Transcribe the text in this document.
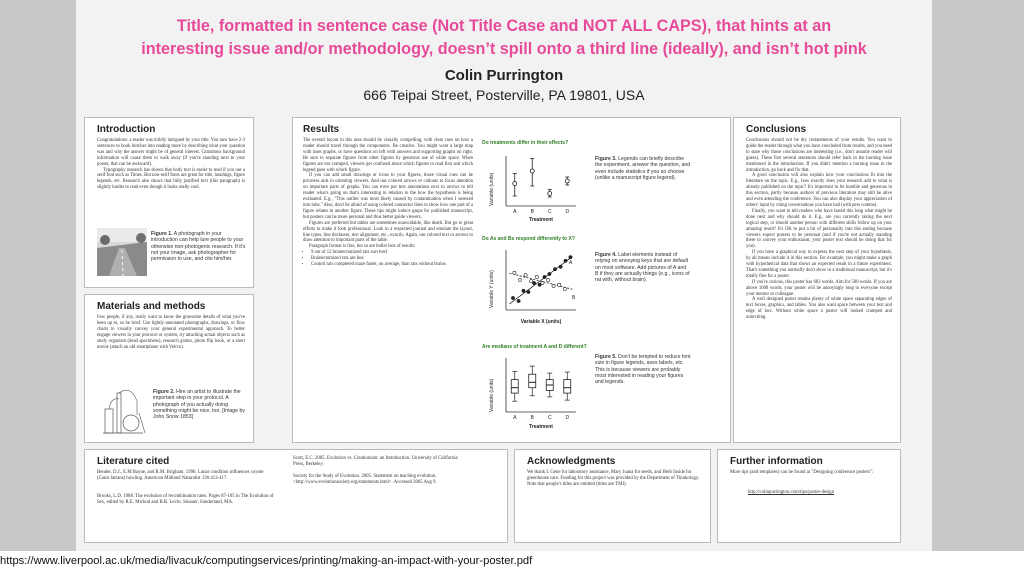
Title, formatted in sentence case (Not Title Case and NOT ALL CAPS), that hints at an
interesting issue and/or methodology, doesn’t spill onto a third line (ideally), and isn’t hot pink
Colin Purrington
666 Teipai Street, Posterville, PA 19801, USA
Introduction
Congratulations: a reader was mildly intrigued by your title. You now have 2-3 sentences to hook him/her into reading more by describing what your question was and why the answer might be of general interest. Gratuitous background information will cause them to walk away (if you're standing next to your poster, that can be awkward).
Typography research has shown that body text is easier to read if you use a serif font such as Times. But non-serif fonts are great for title, headings, figure legends, etc. Research also shows that fully justified text (this paragraph) is slightly harder to read even though it looks really cool.
Figure 1. A photograph in your introduction can help lure people to your otherwise non-photogenic research. If it's not your image, ask photographer for permission to use, and cite him/her.
Materials and methods
Few people, if any, really want to know the gruesome details of what you've been up to, so be brief. Use lightly-annotated photographs, drawings, or flow charts to visually convey your general experimental approach. To better engage viewers in your protocol or system, try attaching actual objects such as study organism (dead specimens), research gizmo, photo flip book, or a short movie (attach an old smartphone with Velcro).
Figure 2. Hire an artist to illustrate the important step in your protocol. A photograph of you actually doing something might be nice, too. [Image by John Snow 1853]
Results
The overall layout in this area should be visually compelling, with clear cues on how a reader should travel through the components. Be creative. You might want a large map with inset graphs, or have questions on left with answers and supporting graphs on right. Be sure to separate figures from other figures by generous use of white space. When figures are too cramped, viewers get confused about which figures to read first and which legend goes with which figure.
If you can add small drawings or icons to your figures, those visual cues can be priceless aids in orienting viewers. And use colored arrows or callouts to focus attention on important parts of graphs. You can even put text annotations next to arrows to tell reader what's going on that's interesting in relation to the how the hypothesis is being evaluated. E.g., "This outlier was most likely caused by contamination when I sneezed into tube." Also, don't be afraid of using colored connector lines to show how one part of a figure relates to another figure. These tips might induce gasps for published manuscript, but posters can be more personal and thus better guide viewers.
Figures are preferred but tables are sometimes unavoidable, like death. But go to great efforts to make it look professional. Look in a respected journal and emulate the layout, line types, line thickness, text alignment, etc., exactly. Again, use colored text or arrows to draw attention to important parts of the table.
Paragraph format is fine, but so are bullet lists of results:
• 9 out of 12 brainectomized rats survived
• Brainectomized rats are less
• Control rats completed maze faster, on average, than rats without brains
Do treatments differ in their effects?
Variable (units)
Treatment
A	B	C	D
Figure 3. Legends can briefly describe the experiment, answer the question, and even include statistics if you so choose (unlike a manuscript figure legend).
Do As and Bs respond differently to X?
Variable Y (units)
Variable X (units)
A
B
Figure 4. Label elements instead of relying on annoying keys that are default on most software. Add pictures of A and B if they are actually things (e.g., icons of rat with, without brain).
Are medians of treatment A and D different?
Variable (units)
Treatment
A	B	C	D
Figure 5. Don't be tempted to reduce font size in figure legends, axes labels, etc. This is because viewers are probably most interested in reading your figures and legends.
Conclusions
Conclusions should not be dry restatements of your results. You want to guide the reader through what you have concluded from results, and you need to state why those conclusions are interesting (i.e., don't assume reader will guess). These first several sentences should refer back to the burning issue mentioned in the introduction. If you didn't mention a burning issue in the introduction, go back and fix that.
A good conclusion will also explain how your conclusions fit into the literature on the topic. E.g., how exactly does your research add to what is already published on the topic? It's important to be humble and generous in this section, partly because authors of previous literature may still be alive and even attending the conference. You can also display your appreciation of others' input by citing conversations you have had (with pers comms).
Finally, you want to tell readers who have lasted this long what might be done next and why should do it. E.g., are you currently taking the next logical step, or should another person with different skills follow up on your amazing result? It's OK to put a bit of personality into this ending because viewers expect posters to be personal (and if you're not actually standing there to convey your enthusiasm, your poster text should be doing that for you).
If you have a graphical way to express the next step of your hypothesis, by all means include it in this section. For example, you might make a graph with hypothetical data that shows an expected result in a future experiment. That's something you normally don't show in a traditional manuscript, but it's totally fine for a poster.
If you're curious, this poster has 683 words. Aim for 500 words. If you are above 1000 words, your poster will be annoyingly long to everyone except your mentor or colleague.
A well designed poster retains plenty of white space separating edges of text boxes, graphics, and tables. You also want space between your text and edge of box. Without white space a poster will looked cramped and uninviting.
Literature cited
Bender, D.J., E.M Bayne, and R.M. Brigham. 1996. Lunar condition influences coyote (Canis latrans) howling. American Midland Naturalist 136:413-417.
Brooks, L.D. 1988. The evolution of recombination rates. Pages 87-105 in The Evolution of Sex, edited by R.E. Michod and B.R. Levin. Sinauer, Sunderland, MA.
Scott, E.C. 2005. Evolution vs. Creationism: an Introduction. University of California Press, Berkeley.
Society for the Study of Evolution. 2005. Statement on teaching evolution. <http://www.evolutionsociety.org/statements.html>. Accessed 2005 Aug 9.
Acknowledgments
We thank I. Gene for laboratory assistance, Mary Juana for seeds, and Herb Inside for greenhouse care. Funding for this project was provided by the Department of Thinkology. Note that people's titles are omitted (titles are TMI).
Further information
More tips (and templates) can be found at "Designing conference posters":
http://colinpurrington.com/tips/poster-design
https://www.liverpool.ac.uk/media/livacuk/computingservices/printing/making-an-impact-with-your-poster.pdf
